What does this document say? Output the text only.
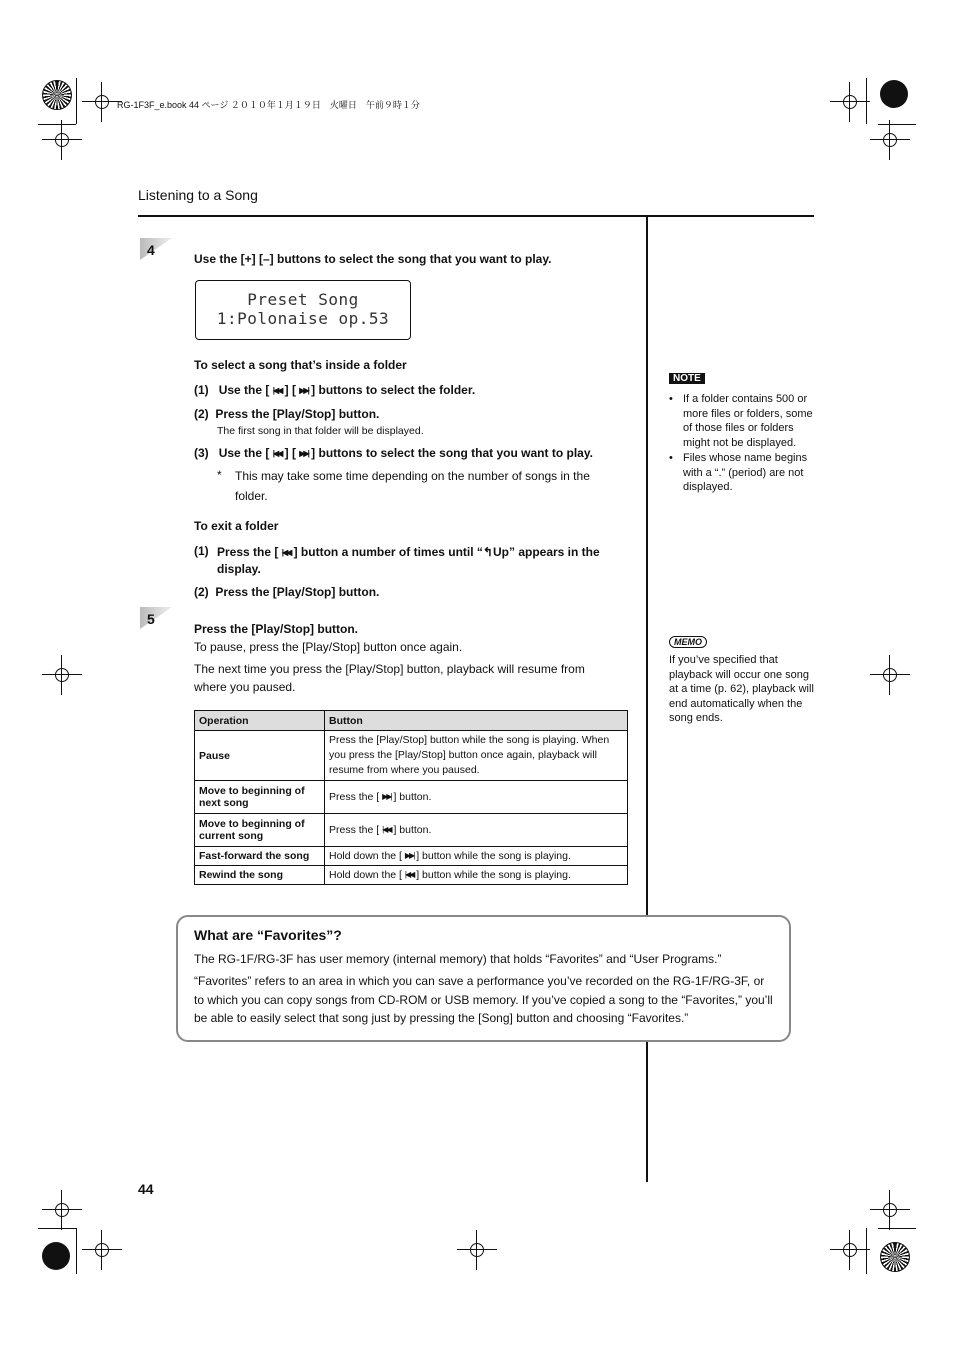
RG-1F3F_e.book 44 ページ ２０１０年１月１９日　火曜日　午前９時１分
Listening to a Song
4
Use the [+] [–] buttons to select the song that you want to play.
Preset Song
1:Polonaise op.53
To select a song that’s inside a folder
(1) Use the [ |◀◀ ] [ ▶▶| ] buttons to select the folder.
(2) Press the [Play/Stop] button.
The first song in that folder will be displayed.
(3) Use the [ |◀◀ ] [ ▶▶| ] buttons to select the song that you want to play.
* This may take some time depending on the number of songs in the folder.
To exit a folder
(1) Press the [ |◀◀ ] button a number of times until “↰Up” appears in the display.
(2) Press the [Play/Stop] button.
5
Press the [Play/Stop] button.
To pause, press the [Play/Stop] button once again.
The next time you press the [Play/Stop] button, playback will resume from where you paused.
Operation	Button
Pause	Press the [Play/Stop] button while the song is playing. When you press the [Play/Stop] button once again, playback will resume from where you paused.
Move to beginning of next song	Press the [ ▶▶| ] button.
Move to beginning of current song	Press the [ |◀◀ ] button.
Fast-forward the song	Hold down the [ ▶▶| ] button while the song is playing.
Rewind the song	Hold down the [ |◀◀ ] button while the song is playing.
NOTE
• If a folder contains 500 or more files or folders, some of those files or folders might not be displayed.
• Files whose name begins with a “.” (period) are not displayed.
MEMO
If you’ve specified that playback will occur one song at a time (p. 62), playback will end automatically when the song ends.
What are “Favorites”?
The RG-1F/RG-3F has user memory (internal memory) that holds “Favorites” and “User Programs.”
“Favorites” refers to an area in which you can save a performance you’ve recorded on the RG-1F/RG-3F, or to which you can copy songs from CD-ROM or USB memory. If you’ve copied a song to the “Favorites,” you’ll be able to easily select that song just by pressing the [Song] button and choosing “Favorites.”
44
